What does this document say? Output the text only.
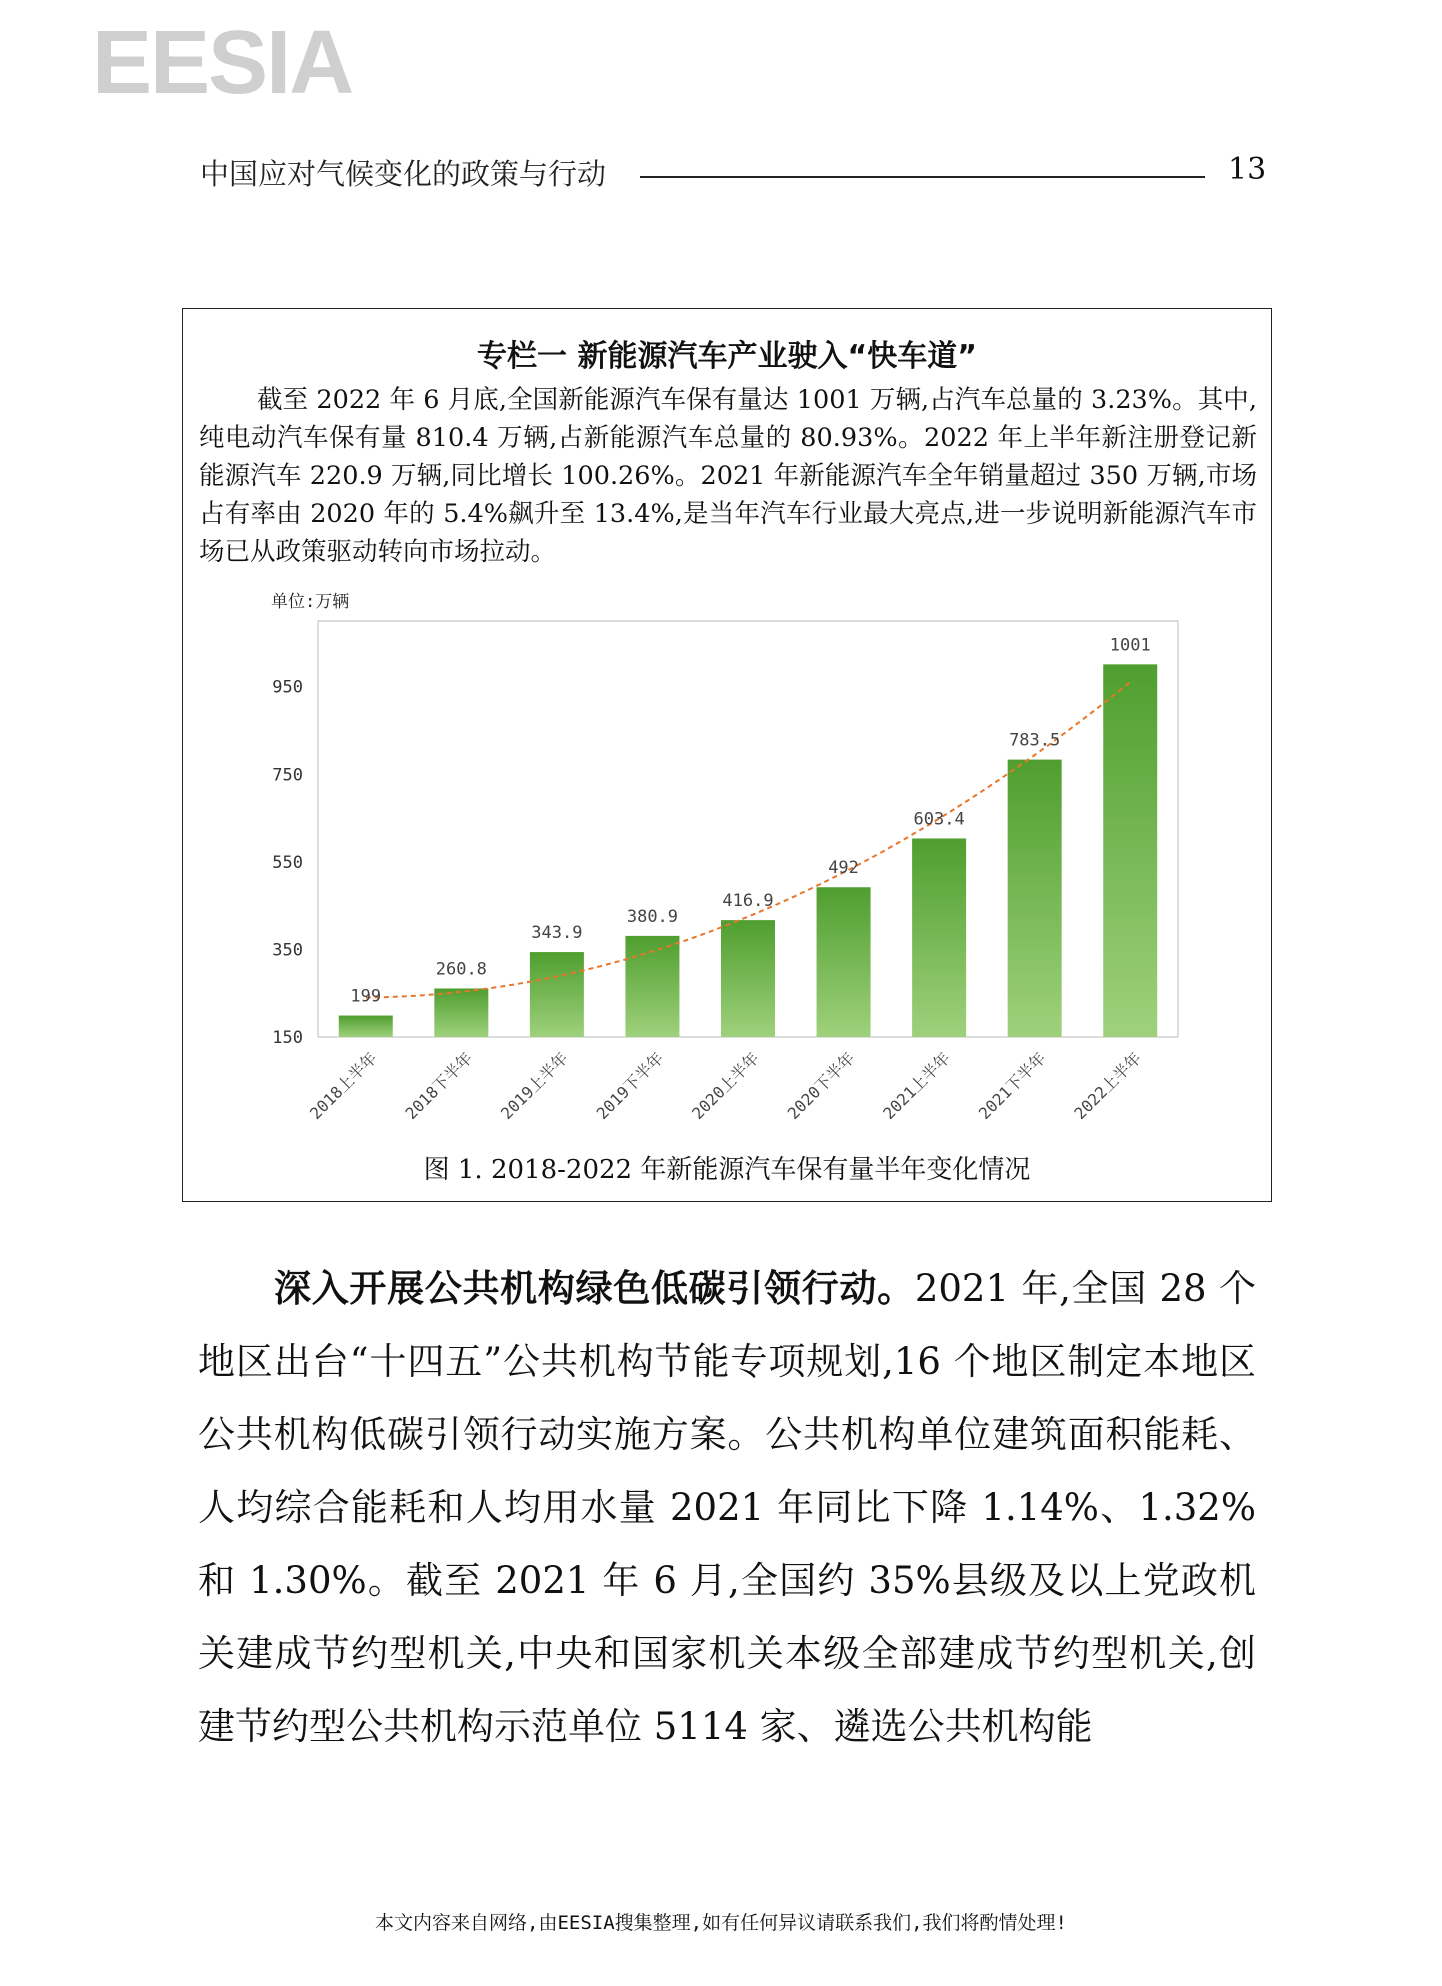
EESIA
中国应对气候变化的政策与行动	13
专栏一 新能源汽车产业驶入“快车道”
截至 2022 年 6 月底,全国新能源汽车保有量达 1001 万辆,占汽车总量的 3.23%。其中,纯电动汽车保有量 810.4 万辆,占新能源汽车总量的 80.93%。2022 年上半年新注册登记新能源汽车 220.9 万辆,同比增长 100.26%。2021 年新能源汽车全年销量超过 350 万辆,市场占有率由 2020 年的 5.4%飙升至 13.4%,是当年汽车行业最大亮点,进一步说明新能源汽车市场已从政策驱动转向市场拉动。
单位:万辆
150
350
550
750
950
199
260.8
343.9
380.9
416.9
492
603.4
783.5
1001
2018上半年 2018下半年 2019上半年 2019下半年 2020上半年 2020下半年 2021上半年 2021下半年 2022上半年
图 1. 2018-2022 年新能源汽车保有量半年变化情况
深入开展公共机构绿色低碳引领行动。2021 年,全国 28 个地区出台“十四五”公共机构节能专项规划,16 个地区制定本地区公共机构低碳引领行动实施方案。公共机构单位建筑面积能耗、人均综合能耗和人均用水量 2021 年同比下降 1.14%、1.32%和 1.30%。截至 2021 年 6 月,全国约 35%县级及以上党政机关建成节约型机关,中央和国家机关本级全部建成节约型机关,创建节约型公共机构示范单位 5114 家、遴选公共机构能
本文内容来自网络,由EESIA搜集整理,如有任何异议请联系我们,我们将酌情处理!
